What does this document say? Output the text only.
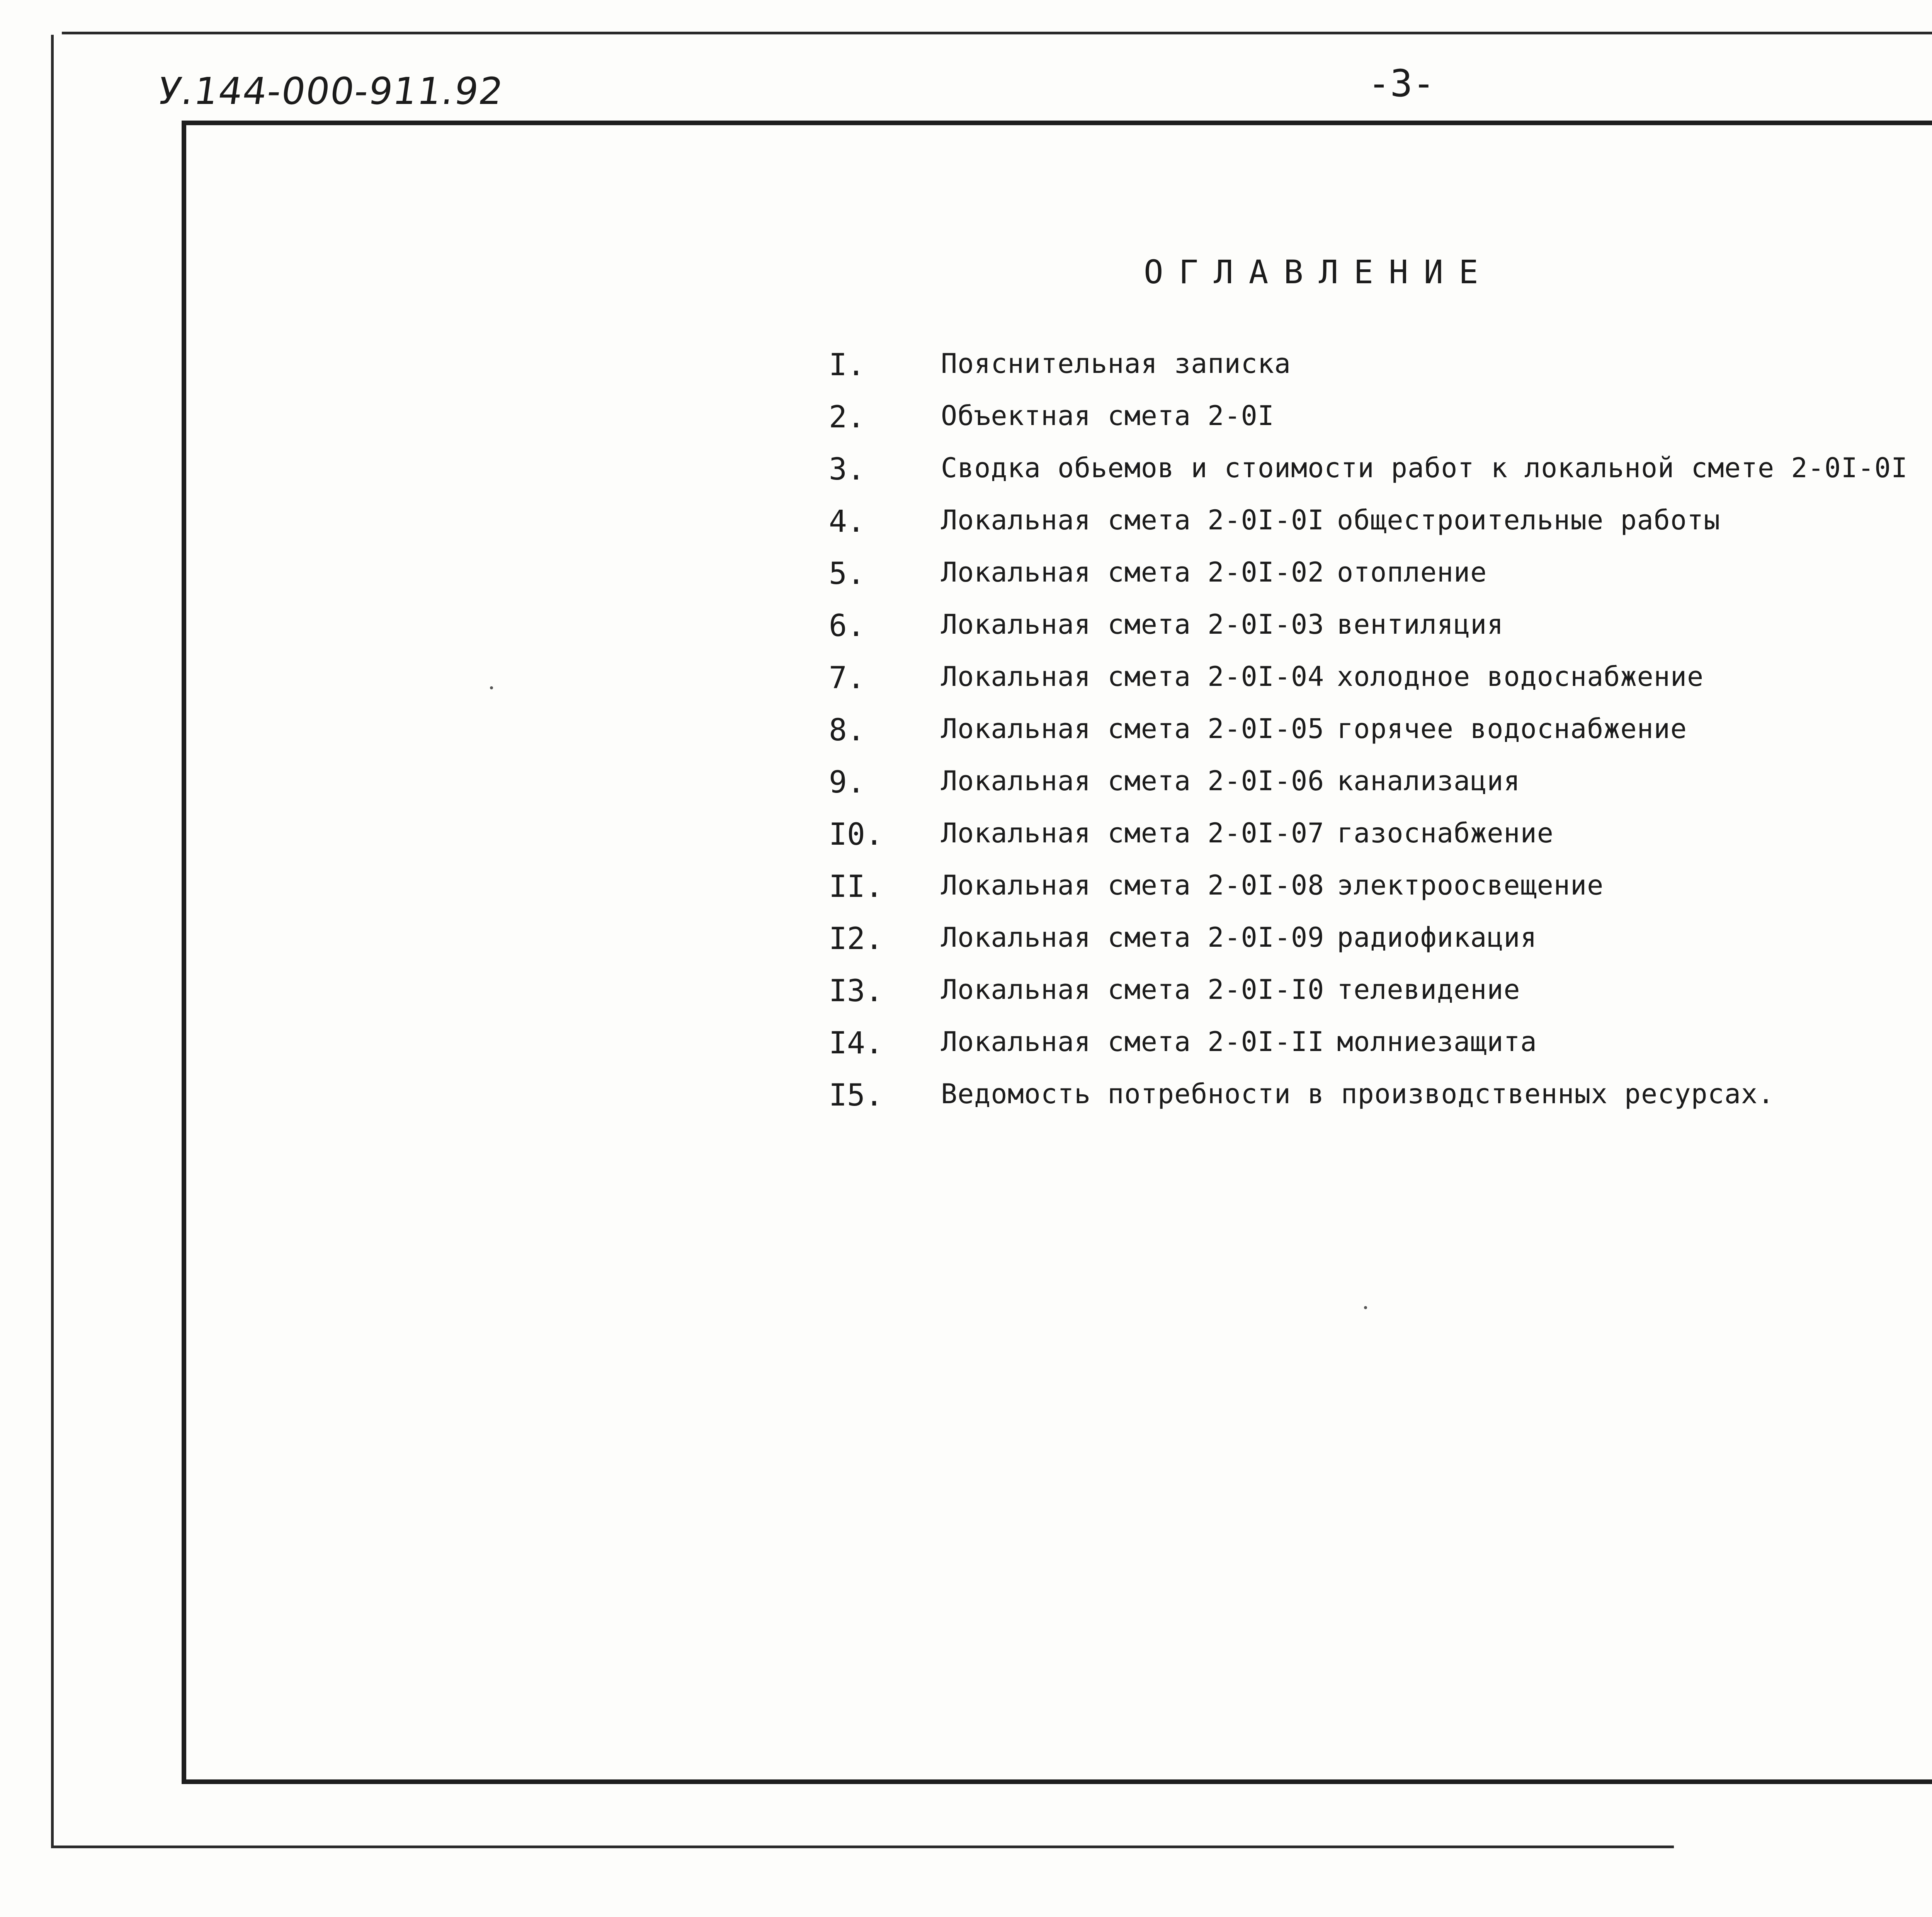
У.144-000-911.92	-3-
ОГЛАВЛЕНИЕ
I.	Пояснительная записка
2.	Объектная смета 2-0I
3.	Сводка обьемов и стоимости работ к локальной смете 2-0I-0I
4.	Локальная смета 2-0I-0I общестроительные работы
5.	Локальная смета 2-0I-02 отопление
6.	Локальная смета 2-0I-03 вентиляция
7.	Локальная смета 2-0I-04 холодное водоснабжение
8.	Локальная смета 2-0I-05 горячее водоснабжение
9.	Локальная смета 2-0I-06 канализация
I0. Локальная смета 2-0I-07 газоснабжение
II. Локальная смета 2-0I-08 электроосвещение
I2. Локальная смета 2-0I-09 радиофикация
I3. Локальная смета 2-0I-I0 телевидение
I4. Локальная смета 2-0I-II молниезащита
I5. Ведомость потребности в производственных ресурсах.
